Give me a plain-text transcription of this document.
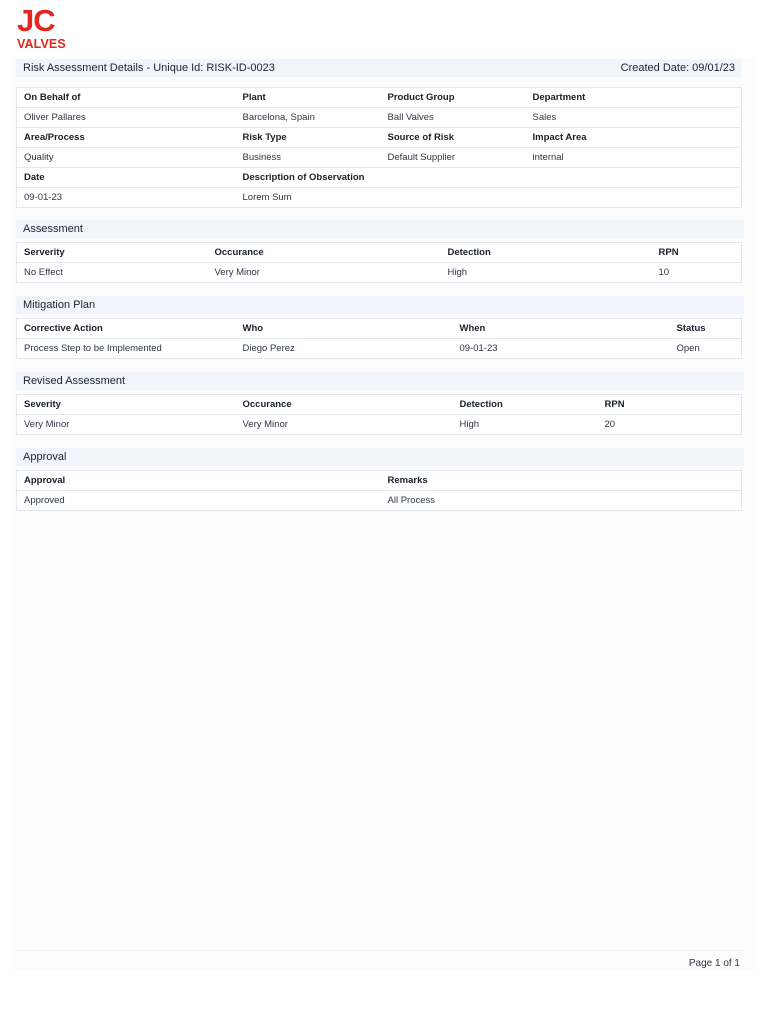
JC
VALVES
Risk Assessment Details - Unique Id: RISK-ID-0023	Created Date: 09/01/23
On Behalf of	Plant	Product Group	Department
Oliver Pallares	Barcelona, Spain	Ball Valves	Sales
Area/Process	Risk Type	Source of Risk	Impact Area
Quality	Business	Default Supplier	internal
Date	Description of Observation		
09-01-23	Lorem Sum		
Assessment
Serverity	Occurance	Detection	RPN
No Effect	Very Minor	High	10
Mitigation Plan
Corrective Action	Who	When	Status
Process Step to be Implemented	Diego Perez	09-01-23	Open
Revised Assessment
Severity	Occurance	Detection	RPN
Very Minor	Very Minor	High	20
Approval
Approval	Remarks
Approved	All Process
Page 1 of 1
